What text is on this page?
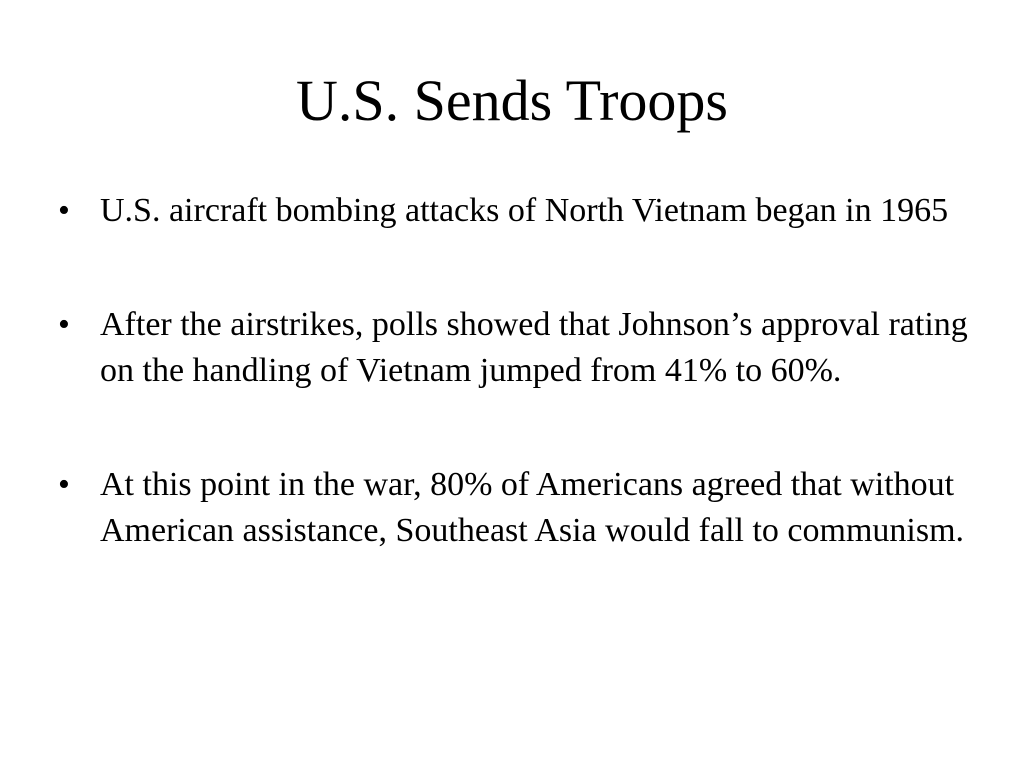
U.S. Sends Troops
• U.S. aircraft bombing attacks of North Vietnam began in 1965
• After the airstrikes, polls showed that Johnson’s approval rating on the handling of Vietnam jumped from 41% to 60%.
• At this point in the war, 80% of Americans agreed that without American assistance, Southeast Asia would fall to communism.
